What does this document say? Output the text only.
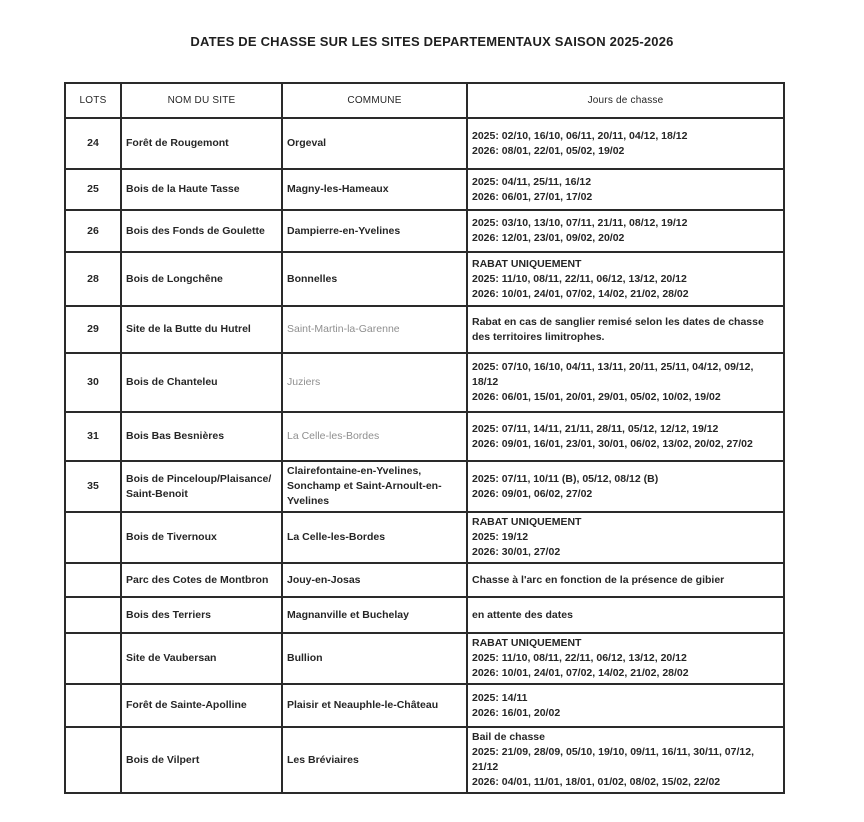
DATES DE CHASSE SUR LES SITES DEPARTEMENTAUX SAISON 2025-2026
LOTS	NOM DU SITE	COMMUNE	Jours de chasse
24	Forêt de Rougemont	Orgeval	2025: 02/10, 16/10, 06/11, 20/11, 04/12, 18/12
2026: 08/01, 22/01, 05/02, 19/02

25	Bois de la Haute Tasse	Magny-les-Hameaux	2025: 04/11, 25/11, 16/12
2026: 06/01, 27/01, 17/02

26	Bois des Fonds de Goulette	Dampierre-en-Yvelines	2025: 03/10, 13/10, 07/11, 21/11, 08/12, 19/12
2026: 12/01, 23/01, 09/02, 20/02

28	Bois de Longchêne	Bonnelles	RABAT UNIQUEMENT
2025: 11/10, 08/11, 22/11, 06/12, 13/12, 20/12
2026: 10/01, 24/01, 07/02, 14/02, 21/02, 28/02

29	Site de la Butte du Hutrel	Saint-Martin-la-Garenne	Rabat en cas de sanglier remisé selon les dates de chasse des territoires limitrophes.

30	Bois de Chanteleu	Juziers	2025: 07/10, 16/10, 04/11, 13/11, 20/11, 25/11, 04/12, 09/12, 18/12
2026: 06/01, 15/01, 20/01, 29/01, 05/02, 10/02, 19/02

31	Bois Bas Besnières	La Celle-les-Bordes	2025: 07/11, 14/11, 21/11, 28/11, 05/12, 12/12, 19/12
2026: 09/01, 16/01, 23/01, 30/01, 06/02, 13/02, 20/02, 27/02

35	Bois de Pinceloup/Plaisance/ Saint-Benoit	Clairefontaine-en-Yvelines, Sonchamp et Saint-Arnoult-en-Yvelines	2025: 07/11, 10/11 (B), 05/12, 08/12 (B)
2026: 09/01, 06/02, 27/02

	Bois de Tivernoux	La Celle-les-Bordes	RABAT UNIQUEMENT
2025: 19/12
2026: 30/01, 27/02

	Parc des Cotes de Montbron	Jouy-en-Josas	Chasse à l'arc en fonction de la présence de gibier

	Bois des Terriers	Magnanville et Buchelay	en attente des dates

	Site de Vaubersan	Bullion	RABAT UNIQUEMENT
2025: 11/10, 08/11, 22/11, 06/12, 13/12, 20/12
2026: 10/01, 24/01, 07/02, 14/02, 21/02, 28/02

	Forêt de Sainte-Apolline	Plaisir et Neauphle-le-Château	2025: 14/11
2026: 16/01, 20/02

	Bois de Vilpert	Les Bréviaires	Bail de chasse
2025: 21/09, 28/09, 05/10, 19/10, 09/11, 16/11, 30/11, 07/12, 21/12
2026: 04/01, 11/01, 18/01, 01/02, 08/02, 15/02, 22/02
